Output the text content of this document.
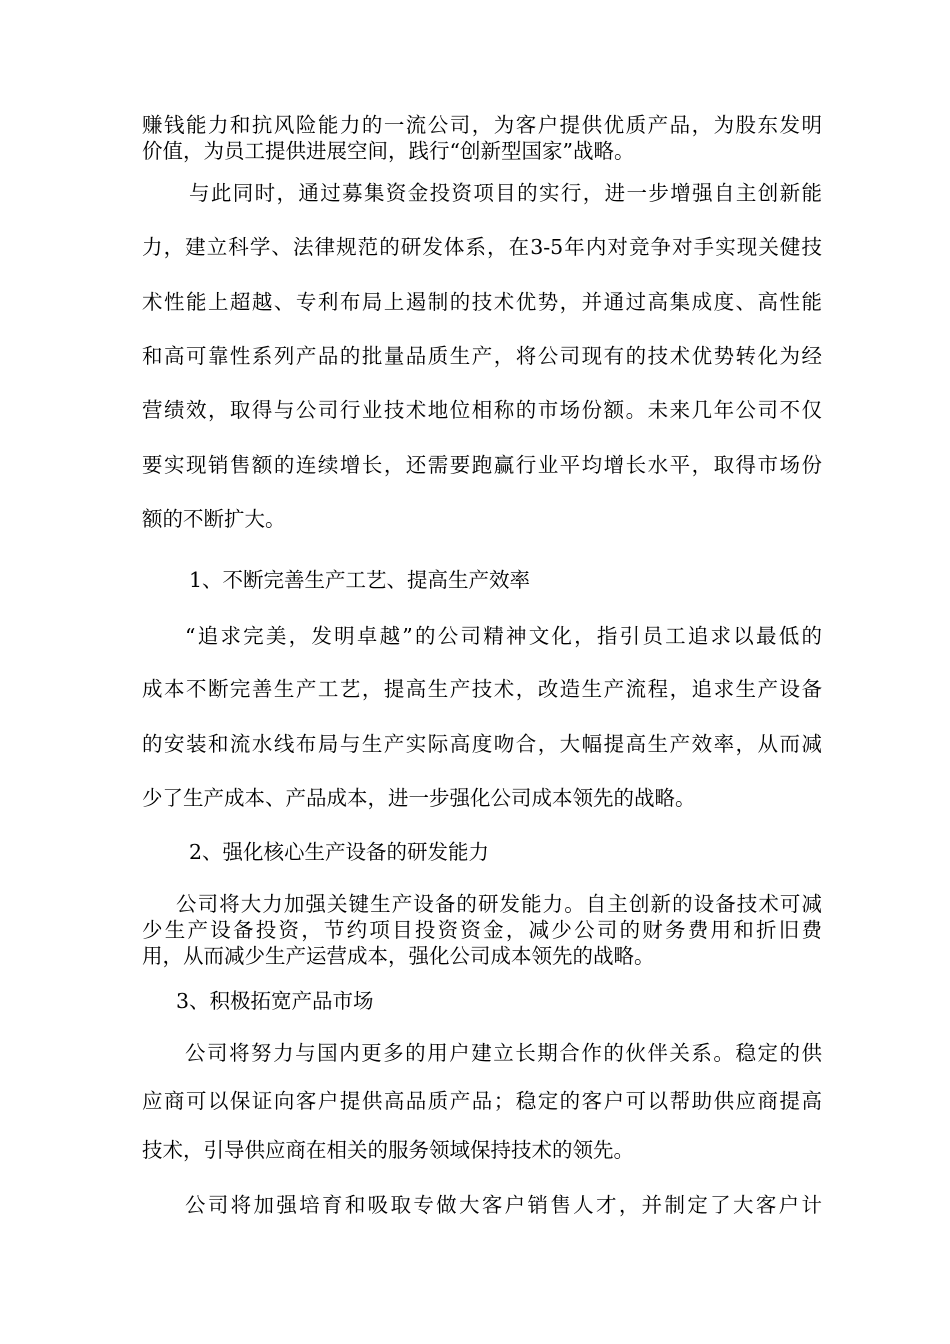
赚钱能力和抗风险能力的一流公司，为客户提供优质产品，为股东发明
价值，为员工提供进展空间，践行“创新型国家”战略。
与此同时，通过募集资金投资项目的实行，进一步增强自主创新能
力，建立科学、法律规范的研发体系，在3-5年内对竞争对手实现关健技
术性能上超越、专利布局上遏制的技术优势，并通过高集成度、高性能
和高可靠性系列产品的批量品质生产，将公司现有的技术优势转化为经
营绩效，取得与公司行业技术地位相称的市场份额。未来几年公司不仅
要实现销售额的连续增长，还需要跑赢行业平均增长水平，取得市场份
额的不断扩大。
1、不断完善生产工艺、提高生产效率
“追求完美，发明卓越”的公司精神文化，指引员工追求以最低的
成本不断完善生产工艺，提高生产技术，改造生产流程，追求生产设备
的安装和流水线布局与生产实际高度吻合，大幅提高生产效率，从而减
少了生产成本、产品成本，进一步强化公司成本领先的战略。
2、强化核心生产设备的研发能力
公司将大力加强关键生产设备的研发能力。自主创新的设备技术可减
少生产设备投资，节约项目投资资金，减少公司的财务费用和折旧费
用，从而减少生产运营成本，强化公司成本领先的战略。
3、积极拓宽产品市场
公司将努力与国内更多的用户建立长期合作的伙伴关系。稳定的供
应商可以保证向客户提供高品质产品；稳定的客户可以帮助供应商提高
技术，引导供应商在相关的服务领域保持技术的领先。
公司将加强培育和吸取专做大客户销售人才，并制定了大客户计
